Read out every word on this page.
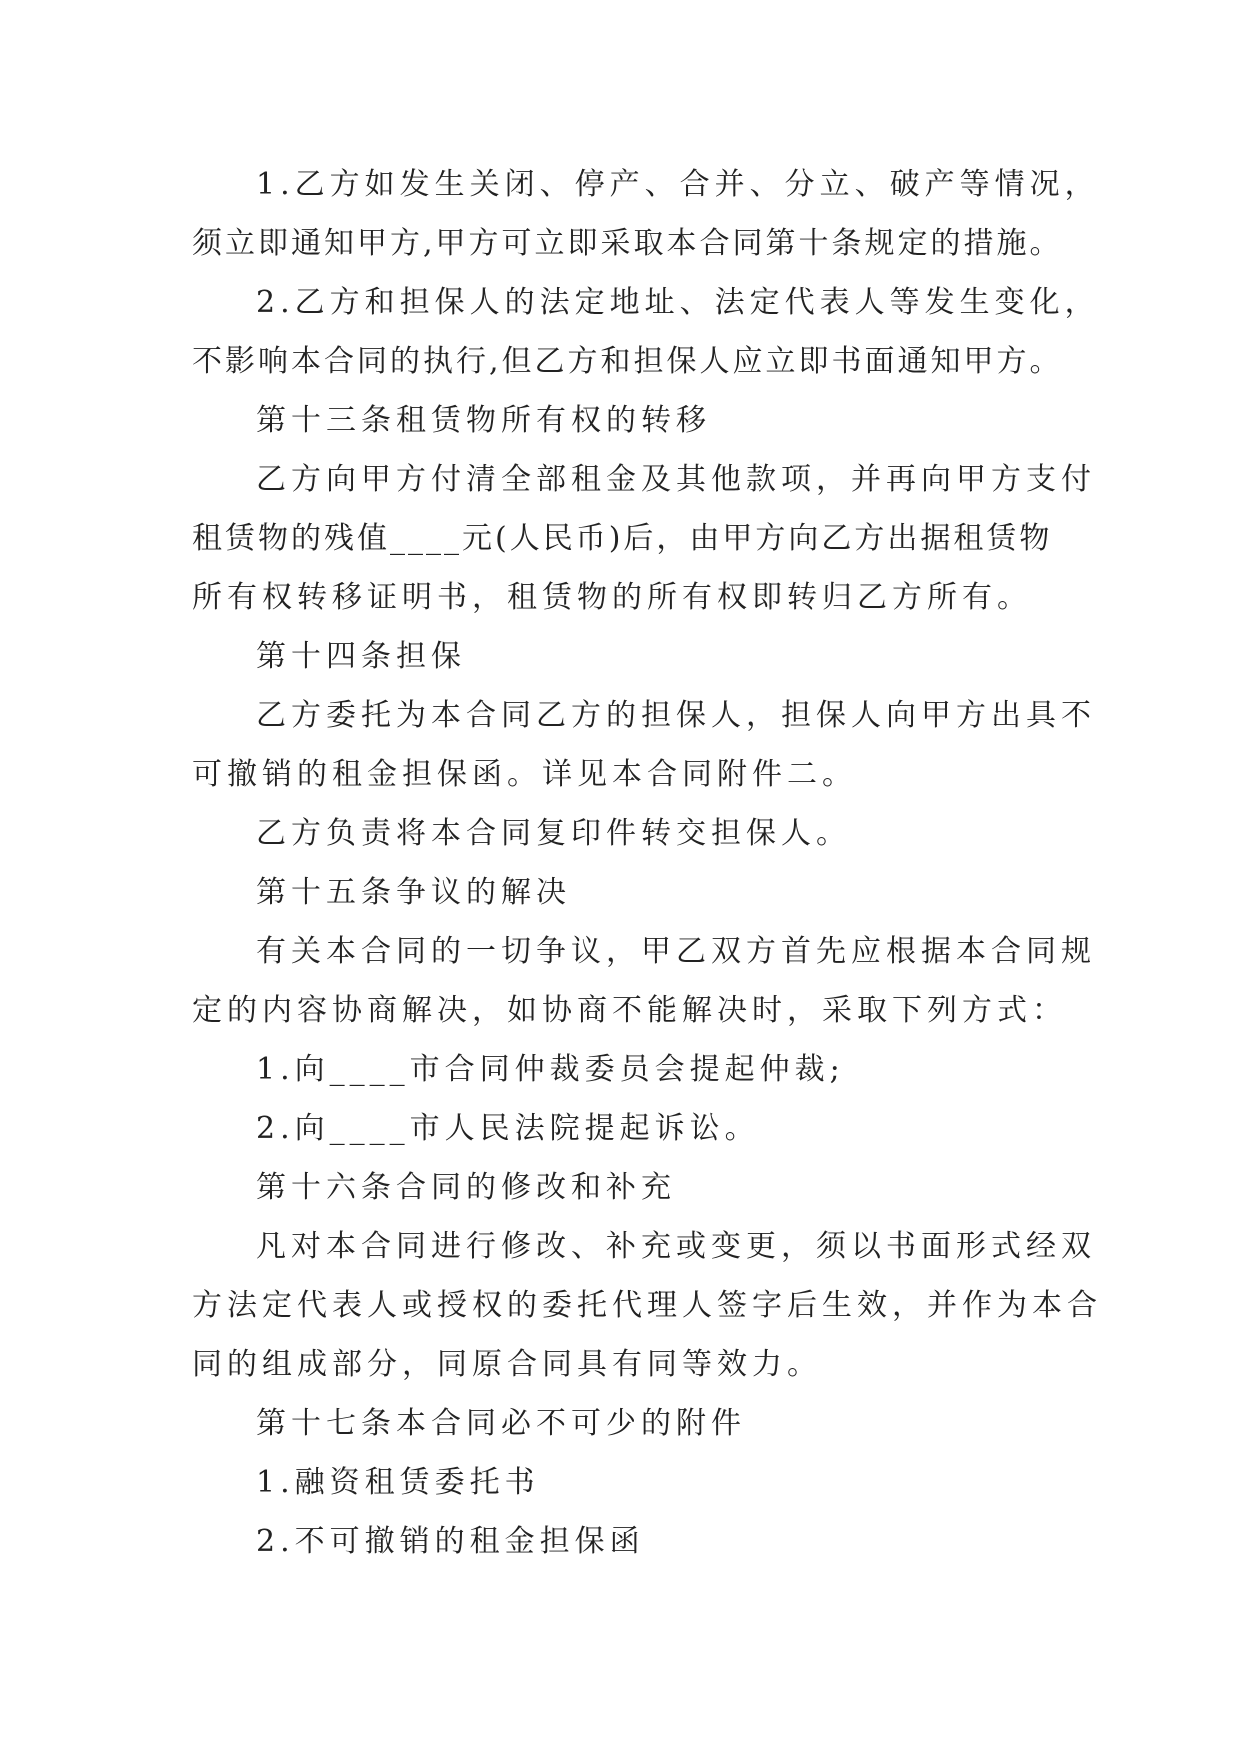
1.乙方如发生关闭、停产、合并、分立、破产等情况，
须立即通知甲方,甲方可立即采取本合同第十条规定的措施。
2.乙方和担保人的法定地址、法定代表人等发生变化，
不影响本合同的执行,但乙方和担保人应立即书面通知甲方。
第十三条租赁物所有权的转移
乙方向甲方付清全部租金及其他款项，并再向甲方支付
租赁物的残值____元(人民币)后，由甲方向乙方出据租赁物
所有权转移证明书，租赁物的所有权即转归乙方所有。
第十四条担保
乙方委托为本合同乙方的担保人，担保人向甲方出具不
可撤销的租金担保函。详见本合同附件二。
乙方负责将本合同复印件转交担保人。
第十五条争议的解决
有关本合同的一切争议，甲乙双方首先应根据本合同规
定的内容协商解决，如协商不能解决时，采取下列方式：
1.向____市合同仲裁委员会提起仲裁;
2.向____市人民法院提起诉讼。
第十六条合同的修改和补充
凡对本合同进行修改、补充或变更，须以书面形式经双
方法定代表人或授权的委托代理人签字后生效，并作为本合
同的组成部分，同原合同具有同等效力。
第十七条本合同必不可少的附件
1.融资租赁委托书
2.不可撤销的租金担保函
